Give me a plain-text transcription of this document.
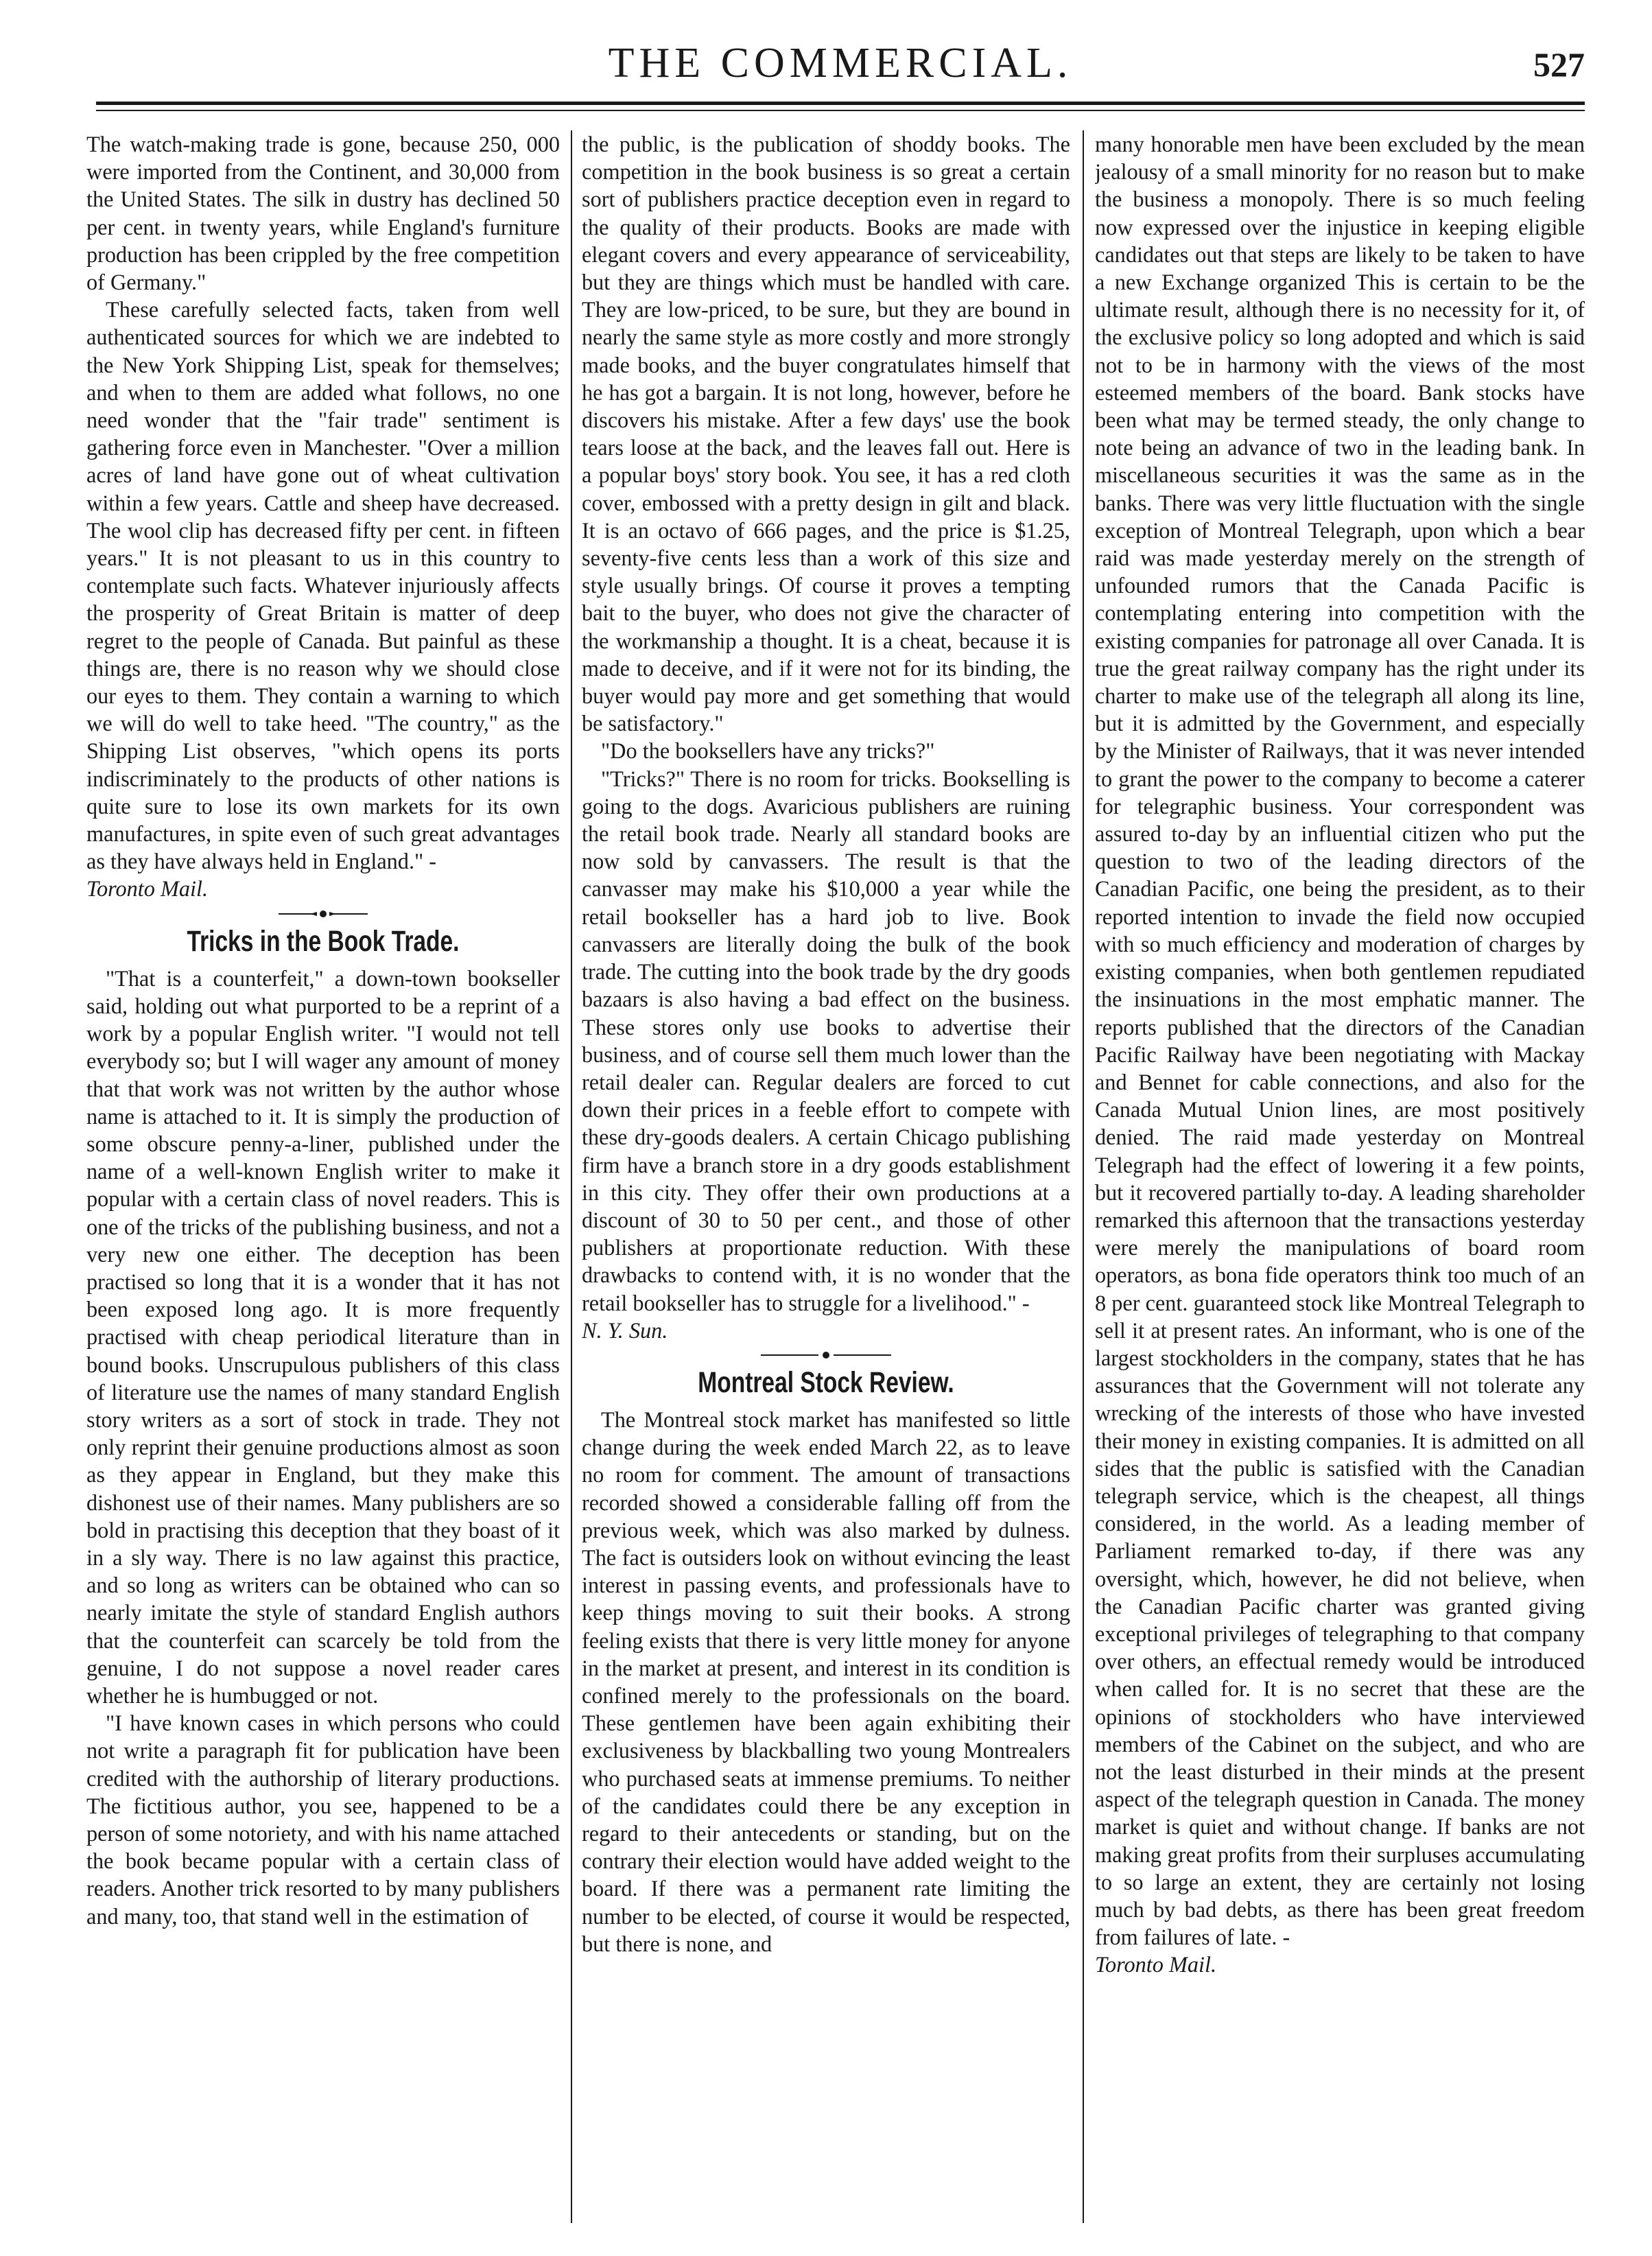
THE COMMERCIAL.	527

The watch-making trade is gone, because 250, 000 were imported from the Continent, and 30,000 from the United States. The silk in dustry has declined 50 per cent. in twenty years, while England's furniture production has been crippled by the free competition of Germany."

These carefully selected facts, taken from well authenticated sources for which we are indebted to the New York Shipping List, speak for themselves; and when to them are added what follows, no one need wonder that the "fair trade" sentiment is gathering force even in Manchester. "Over a million acres of land have gone out of wheat cultivation within a few years. Cattle and sheep have decreased. The wool clip has decreased fifty per cent. in fifteen years." It is not pleasant to us in this country to contemplate such facts. Whatever injuriously affects the prosperity of Great Britain is matter of deep regret to the people of Canada. But painful as these things are, there is no reason why we should close our eyes to them. They contain a warning to which we will do well to take heed. "The country," as the Shipping List observes, "which opens its ports indiscriminately to the products of other nations is quite sure to lose its own markets for its own manufactures, in spite even of such great advantages as they have always held in England." -

Toronto Mail.

Tricks in the Book Trade.

"That is a counterfeit," a down-town bookseller said, holding out what purported to be a reprint of a work by a popular English writer. "I would not tell everybody so; but I will wager any amount of money that that work was not written by the author whose name is attached to it. It is simply the production of some obscure penny-a-liner, published under the name of a well-known English writer to make it popular with a certain class of novel readers. This is one of the tricks of the publishing business, and not a very new one either. The deception has been practised so long that it is a wonder that it has not been exposed long ago. It is more frequently practised with cheap periodical literature than in bound books. Unscrupulous publishers of this class of literature use the names of many standard English story writers as a sort of stock in trade. They not only reprint their genuine productions almost as soon as they appear in England, but they make this dishonest use of their names. Many publishers are so bold in practising this deception that they boast of it in a sly way. There is no law against this practice, and so long as writers can be obtained who can so nearly imitate the style of standard English authors that the counterfeit can scarcely be told from the genuine, I do not suppose a novel reader cares whether he is humbugged or not.

"I have known cases in which persons who could not write a paragraph fit for publication have been credited with the authorship of literary productions. The fictitious author, you see, happened to be a person of some notoriety, and with his name attached the book became popular with a certain class of readers. Another trick resorted to by many publishers and many, too, that stand well in the estimation of

the public, is the publication of shoddy books. The competition in the book business is so great a certain sort of publishers practice deception even in regard to the quality of their products. Books are made with elegant covers and every appearance of serviceability, but they are things which must be handled with care. They are low-priced, to be sure, but they are bound in nearly the same style as more costly and more strongly made books, and the buyer congratulates himself that he has got a bargain. It is not long, however, before he discovers his mistake. After a few days' use the book tears loose at the back, and the leaves fall out. Here is a popular boys' story book. You see, it has a red cloth cover, embossed with a pretty design in gilt and black. It is an octavo of 666 pages, and the price is $1.25, seventy-five cents less than a work of this size and style usually brings. Of course it proves a tempting bait to the buyer, who does not give the character of the workmanship a thought. It is a cheat, because it is made to deceive, and if it were not for its binding, the buyer would pay more and get something that would be satisfactory."

"Do the booksellers have any tricks?"

"Tricks?" There is no room for tricks. Bookselling is going to the dogs. Avaricious publishers are ruining the retail book trade. Nearly all standard books are now sold by canvassers. The result is that the canvasser may make his $10,000 a year while the retail bookseller has a hard job to live. Book canvassers are literally doing the bulk of the book trade. The cutting into the book trade by the dry goods bazaars is also having a bad effect on the business. These stores only use books to advertise their business, and of course sell them much lower than the retail dealer can. Regular dealers are forced to cut down their prices in a feeble effort to compete with these dry-goods dealers. A certain Chicago publishing firm have a branch store in a dry goods establishment in this city. They offer their own productions at a discount of 30 to 50 per cent., and those of other publishers at proportionate reduction. With these drawbacks to contend with, it is no wonder that the retail bookseller has to struggle for a livelihood." -

N. Y. Sun.

Montreal Stock Review.

The Montreal stock market has manifested so little change during the week ended March 22, as to leave no room for comment. The amount of transactions recorded showed a considerable falling off from the previous week, which was also marked by dulness. The fact is outsiders look on without evincing the least interest in passing events, and professionals have to keep things moving to suit their books. A strong feeling exists that there is very little money for anyone in the market at present, and interest in its condition is confined merely to the professionals on the board. These gentlemen have been again exhibiting their exclusiveness by blackballing two young Montrealers who purchased seats at immense premiums. To neither of the candidates could there be any exception in regard to their antecedents or standing, but on the contrary their election would have added weight to the board. If there was a permanent rate limiting the number to be elected, of course it would be respected, but there is none, and

many honorable men have been excluded by the mean jealousy of a small minority for no reason but to make the business a monopoly. There is so much feeling now expressed over the injustice in keeping eligible candidates out that steps are likely to be taken to have a new Exchange organized This is certain to be the ultimate result, although there is no necessity for it, of the exclusive policy so long adopted and which is said not to be in harmony with the views of the most esteemed members of the board. Bank stocks have been what may be termed steady, the only change to note being an advance of two in the leading bank. In miscellaneous securities it was the same as in the banks. There was very little fluctuation with the single exception of Montreal Telegraph, upon which a bear raid was made yesterday merely on the strength of unfounded rumors that the Canada Pacific is contemplating entering into competition with the existing companies for patronage all over Canada. It is true the great railway company has the right under its charter to make use of the telegraph all along its line, but it is admitted by the Government, and especially by the Minister of Railways, that it was never intended to grant the power to the company to become a caterer for telegraphic business. Your correspondent was assured to-day by an influential citizen who put the question to two of the leading directors of the Canadian Pacific, one being the president, as to their reported intention to invade the field now occupied with so much efficiency and moderation of charges by existing companies, when both gentlemen repudiated the insinuations in the most emphatic manner. The reports published that the directors of the Canadian Pacific Railway have been negotiating with Mackay and Bennet for cable connections, and also for the Canada Mutual Union lines, are most positively denied. The raid made yesterday on Montreal Telegraph had the effect of lowering it a few points, but it recovered partially to-day. A leading shareholder remarked this afternoon that the transactions yesterday were merely the manipulations of board room operators, as bona fide operators think too much of an 8 per cent. guaranteed stock like Montreal Telegraph to sell it at present rates. An informant, who is one of the largest stockholders in the company, states that he has assurances that the Government will not tolerate any wrecking of the interests of those who have invested their money in existing companies. It is admitted on all sides that the public is satisfied with the Canadian telegraph service, which is the cheapest, all things considered, in the world. As a leading member of Parliament remarked to-day, if there was any oversight, which, however, he did not believe, when the Canadian Pacific charter was granted giving exceptional privileges of telegraphing to that company over others, an effectual remedy would be introduced when called for. It is no secret that these are the opinions of stockholders who have interviewed members of the Cabinet on the subject, and who are not the least disturbed in their minds at the present aspect of the telegraph question in Canada. The money market is quiet and without change. If banks are not making great profits from their surpluses accumulating to so large an extent, they are certainly not losing much by bad debts, as there has been great freedom from failures of late. -

Toronto Mail.
